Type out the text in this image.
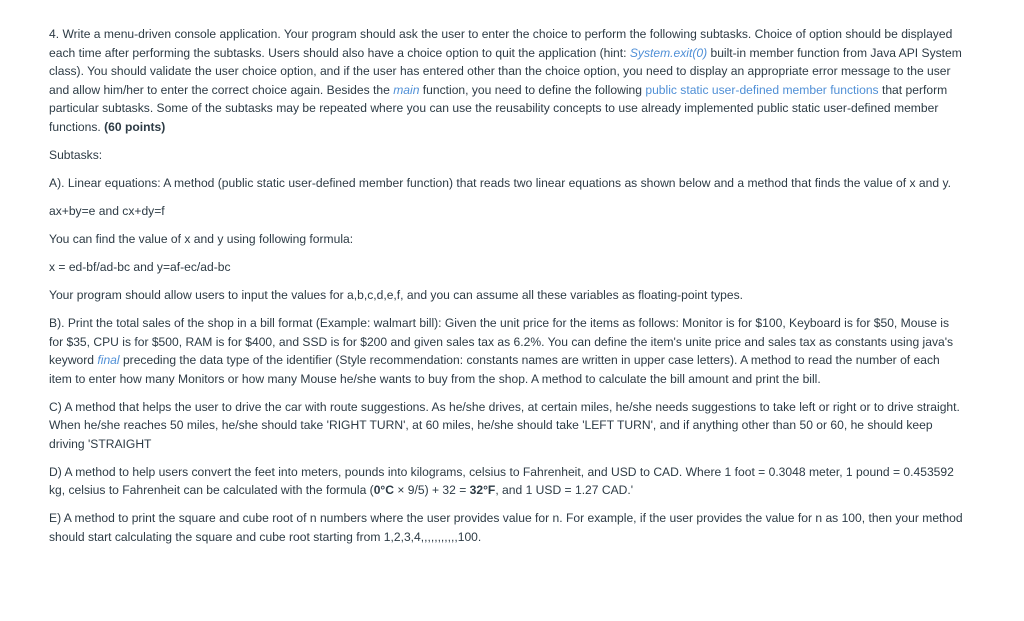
4. Write a menu-driven console application. Your program should ask the user to enter the choice to perform the following subtasks. Choice of option should be displayed each time after performing the subtasks. Users should also have a choice option to quit the application (hint: System.exit(0) built-in member function from Java API System class). You should validate the user choice option, and if the user has entered other than the choice option, you need to display an appropriate error message to the user and allow him/her to enter the correct choice again. Besides the main function, you need to define the following public static user-defined member functions that perform particular subtasks. Some of the subtasks may be repeated where you can use the reusability concepts to use already implemented public static user-defined member functions. (60 points)

Subtasks:

A). Linear equations: A method (public static user-defined member function) that reads two linear equations as shown below and a method that finds the value of x and y.

ax+by=e and cx+dy=f

You can find the value of x and y using following formula:

x = ed-bf/ad-bc and y=af-ec/ad-bc

Your program should allow users to input the values for a,b,c,d,e,f, and you can assume all these variables as floating-point types.

B). Print the total sales of the shop in a bill format (Example: walmart bill): Given the unit price for the items as follows: Monitor is for $100, Keyboard is for $50, Mouse is for $35, CPU is for $500, RAM is for $400, and SSD is for $200 and given sales tax as 6.2%. You can define the item's unite price and sales tax as constants using java's keyword final preceding the data type of the identifier (Style recommendation: constants names are written in upper case letters). A method to read the number of each item to enter how many Monitors or how many Mouse he/she wants to buy from the shop. A method to calculate the bill amount and print the bill.

C) A method that helps the user to drive the car with route suggestions. As he/she drives, at certain miles, he/she needs suggestions to take left or right or to drive straight. When he/she reaches 50 miles, he/she should take 'RIGHT TURN', at 60 miles, he/she should take 'LEFT TURN', and if anything other than 50 or 60, he should keep driving 'STRAIGHT

D) A method to help users convert the feet into meters, pounds into kilograms, celsius to Fahrenheit, and USD to CAD. Where 1 foot = 0.3048 meter, 1 pound = 0.453592 kg, celsius to Fahrenheit can be calculated with the formula (0°C × 9/5) + 32 = 32°F, and 1 USD = 1.27 CAD.'

E) A method to print the square and cube root of n numbers where the user provides value for n. For example, if the user provides the value for n as 100, then your method should start calculating the square and cube root starting from 1,2,3,4,,,,,,,,,,,100.
